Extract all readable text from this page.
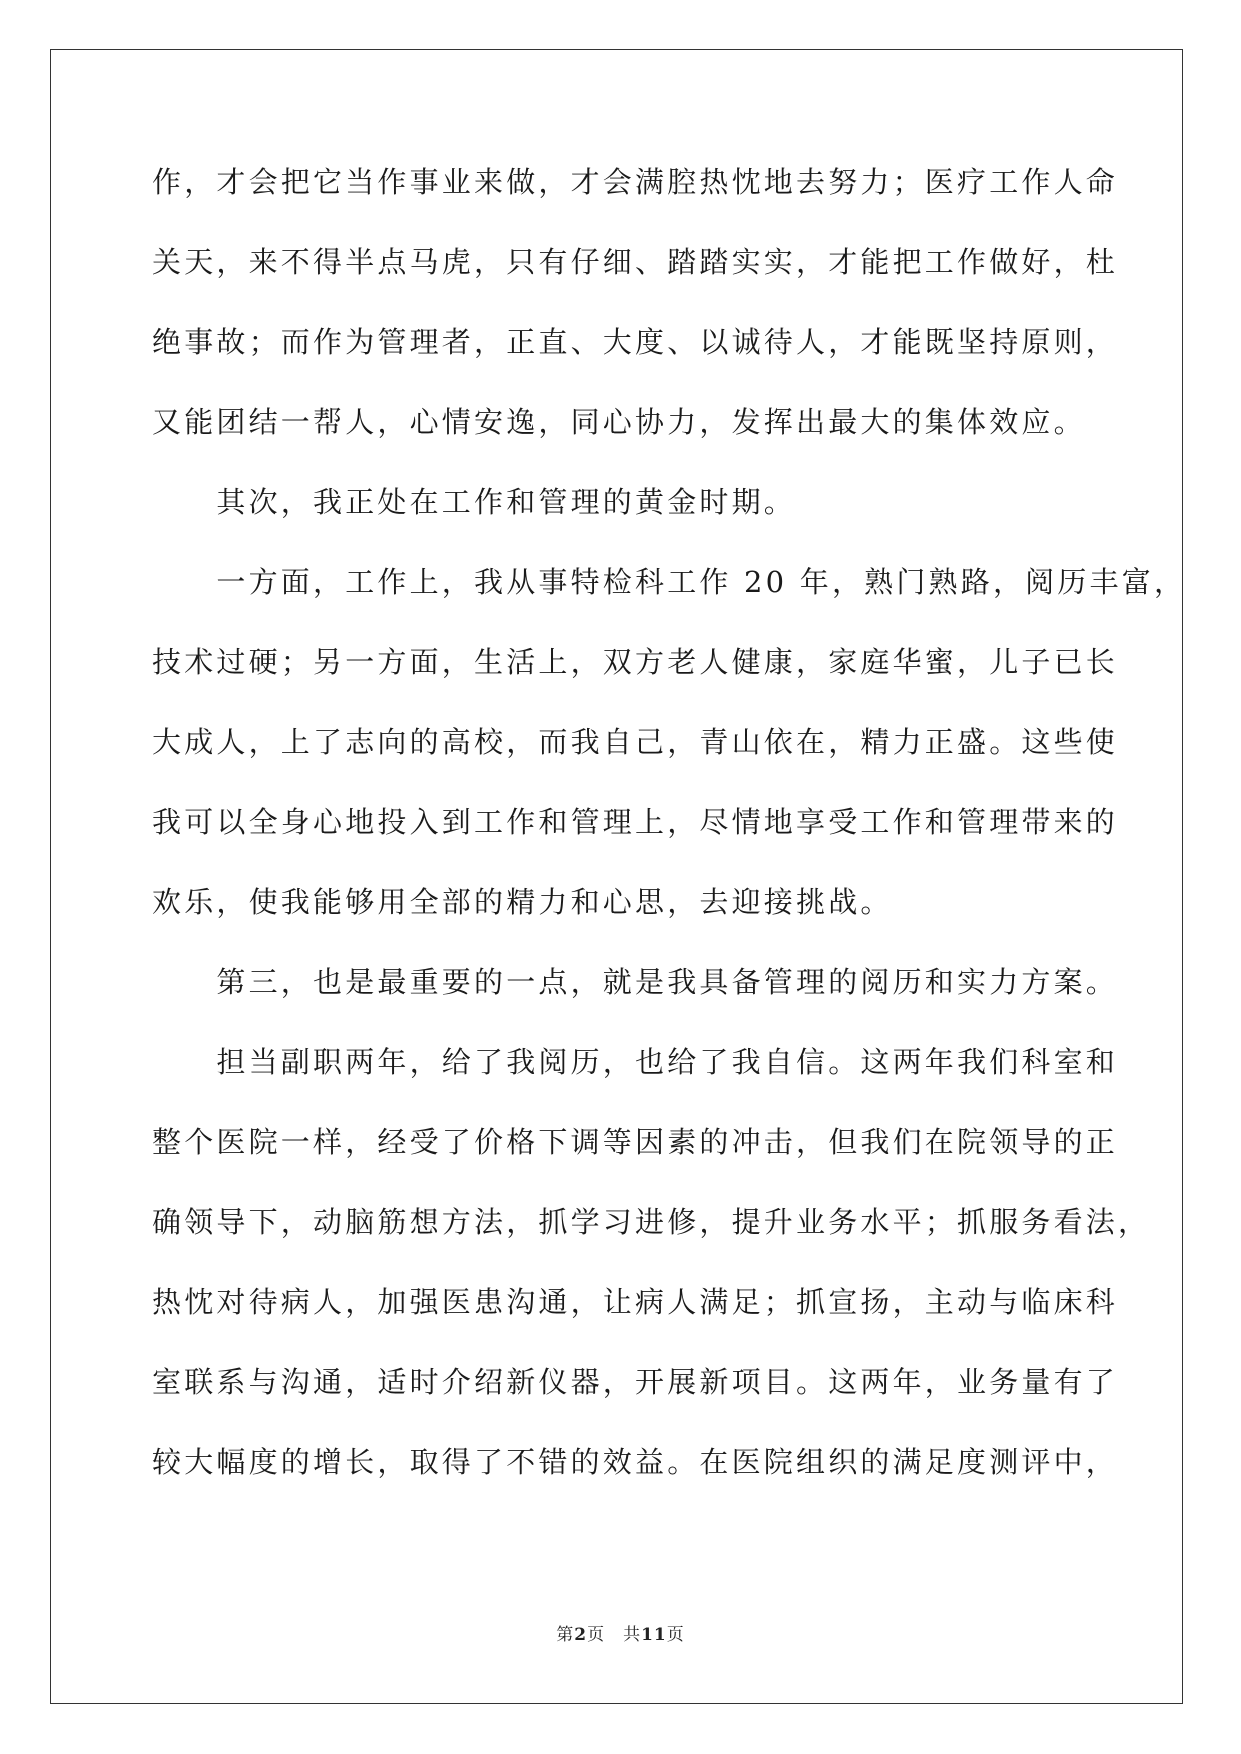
作，才会把它当作事业来做，才会满腔热忱地去努力；医疗工作人命
关天，来不得半点马虎，只有仔细、踏踏实实，才能把工作做好，杜
绝事故；而作为管理者，正直、大度、以诚待人，才能既坚持原则，
又能团结一帮人，心情安逸，同心协力，发挥出最大的集体效应。
　　其次，我正处在工作和管理的黄金时期。
　　一方面，工作上，我从事特检科工作 20 年，熟门熟路，阅历丰富，
技术过硬；另一方面，生活上，双方老人健康，家庭华蜜，儿子已长
大成人，上了志向的高校，而我自己，青山依在，精力正盛。这些使
我可以全身心地投入到工作和管理上，尽情地享受工作和管理带来的
欢乐，使我能够用全部的精力和心思，去迎接挑战。
　　第三，也是最重要的一点，就是我具备管理的阅历和实力方案。
　　担当副职两年，给了我阅历，也给了我自信。这两年我们科室和
整个医院一样，经受了价格下调等因素的冲击，但我们在院领导的正
确领导下，动脑筋想方法，抓学习进修，提升业务水平；抓服务看法，
热忱对待病人，加强医患沟通，让病人满足；抓宣扬，主动与临床科
室联系与沟通，适时介绍新仪器，开展新项目。这两年，业务量有了
较大幅度的增长，取得了不错的效益。在医院组织的满足度测评中，
第2页 共11页
